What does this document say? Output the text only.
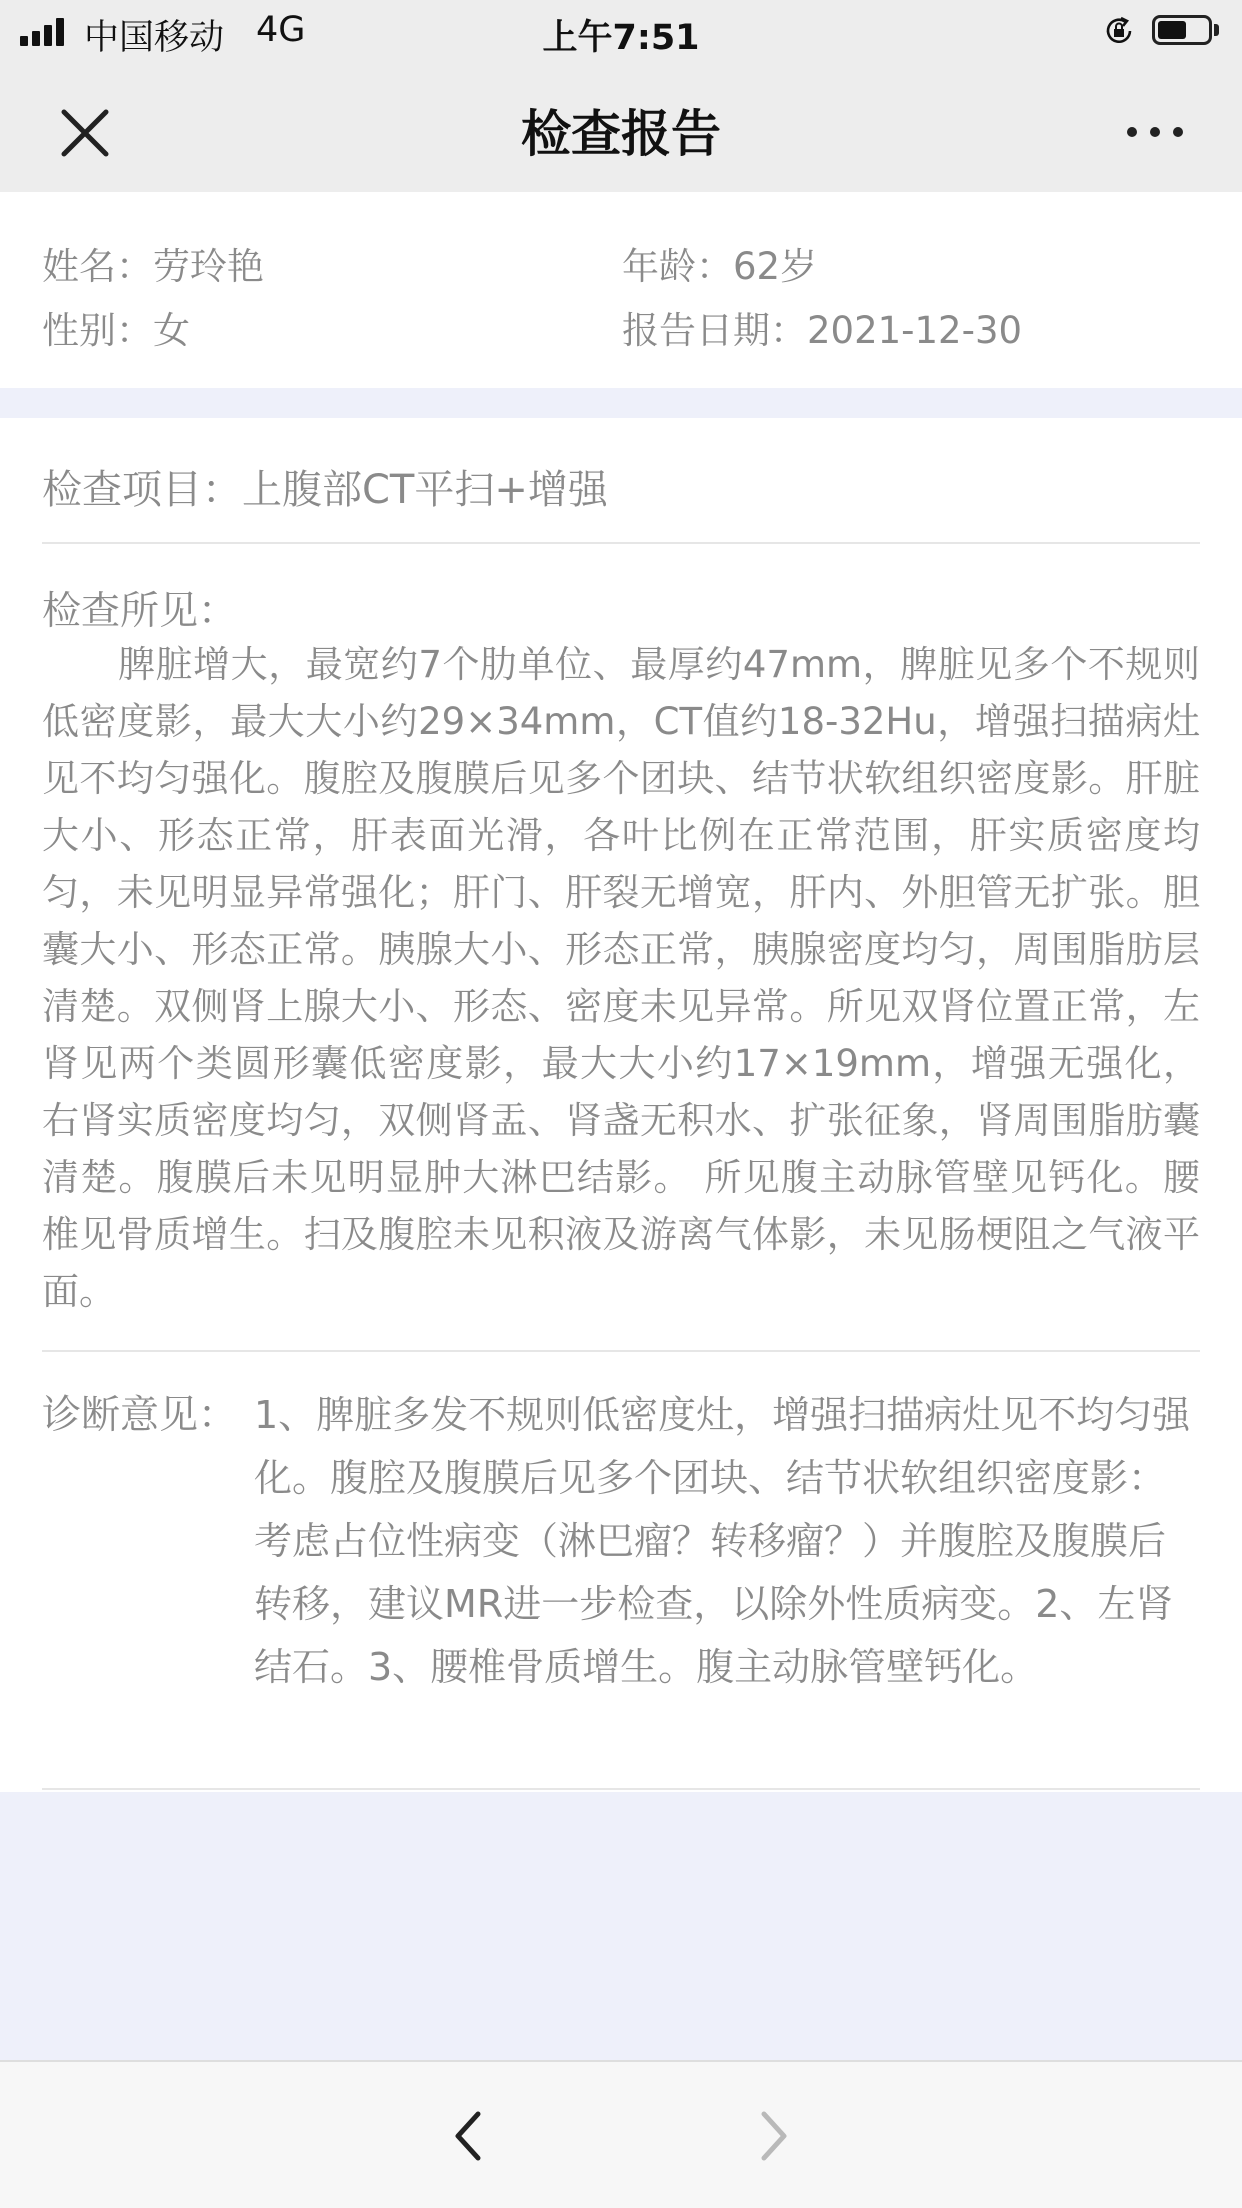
中国移动 4G	上午7:51
检查报告
姓名：劳玲艳	年龄：62岁
性别：女	报告日期：2021-12-30
检查项目：上腹部CT平扫+增强
检查所见：
脾脏增大，最宽约7个肋单位、最厚约47mm，脾脏见多个不规则低密度影，最大大小约29×34mm，CT值约18-32Hu，增强扫描病灶见不均匀强化。腹腔及腹膜后见多个团块、结节状软组织密度影。肝脏大小、形态正常，肝表面光滑，各叶比例在正常范围，肝实质密度均匀，未见明显异常强化；肝门、肝裂无增宽，肝内、外胆管无扩张。胆囊大小、形态正常。胰腺大小、形态正常，胰腺密度均匀，周围脂肪层清楚。双侧肾上腺大小、形态、密度未见异常。所见双肾位置正常，左肾见两个类圆形囊低密度影，最大大小约17×19mm，增强无强化，右肾实质密度均匀，双侧肾盂、肾盏无积水、扩张征象，肾周围脂肪囊清楚。腹膜后未见明显肿大淋巴结影。 所见腹主动脉管壁见钙化。腰椎见骨质增生。扫及腹腔未见积液及游离气体影，未见肠梗阻之气液平面。
诊断意见： 1、脾脏多发不规则低密度灶，增强扫描病灶见不均匀强化。腹腔及腹膜后见多个团块、结节状软组织密度影：考虑占位性病变（淋巴瘤？转移瘤？）并腹腔及腹膜后转移，建议MR进一步检查，以除外性质病变。2、左肾结石。3、腰椎骨质增生。腹主动脉管壁钙化。
